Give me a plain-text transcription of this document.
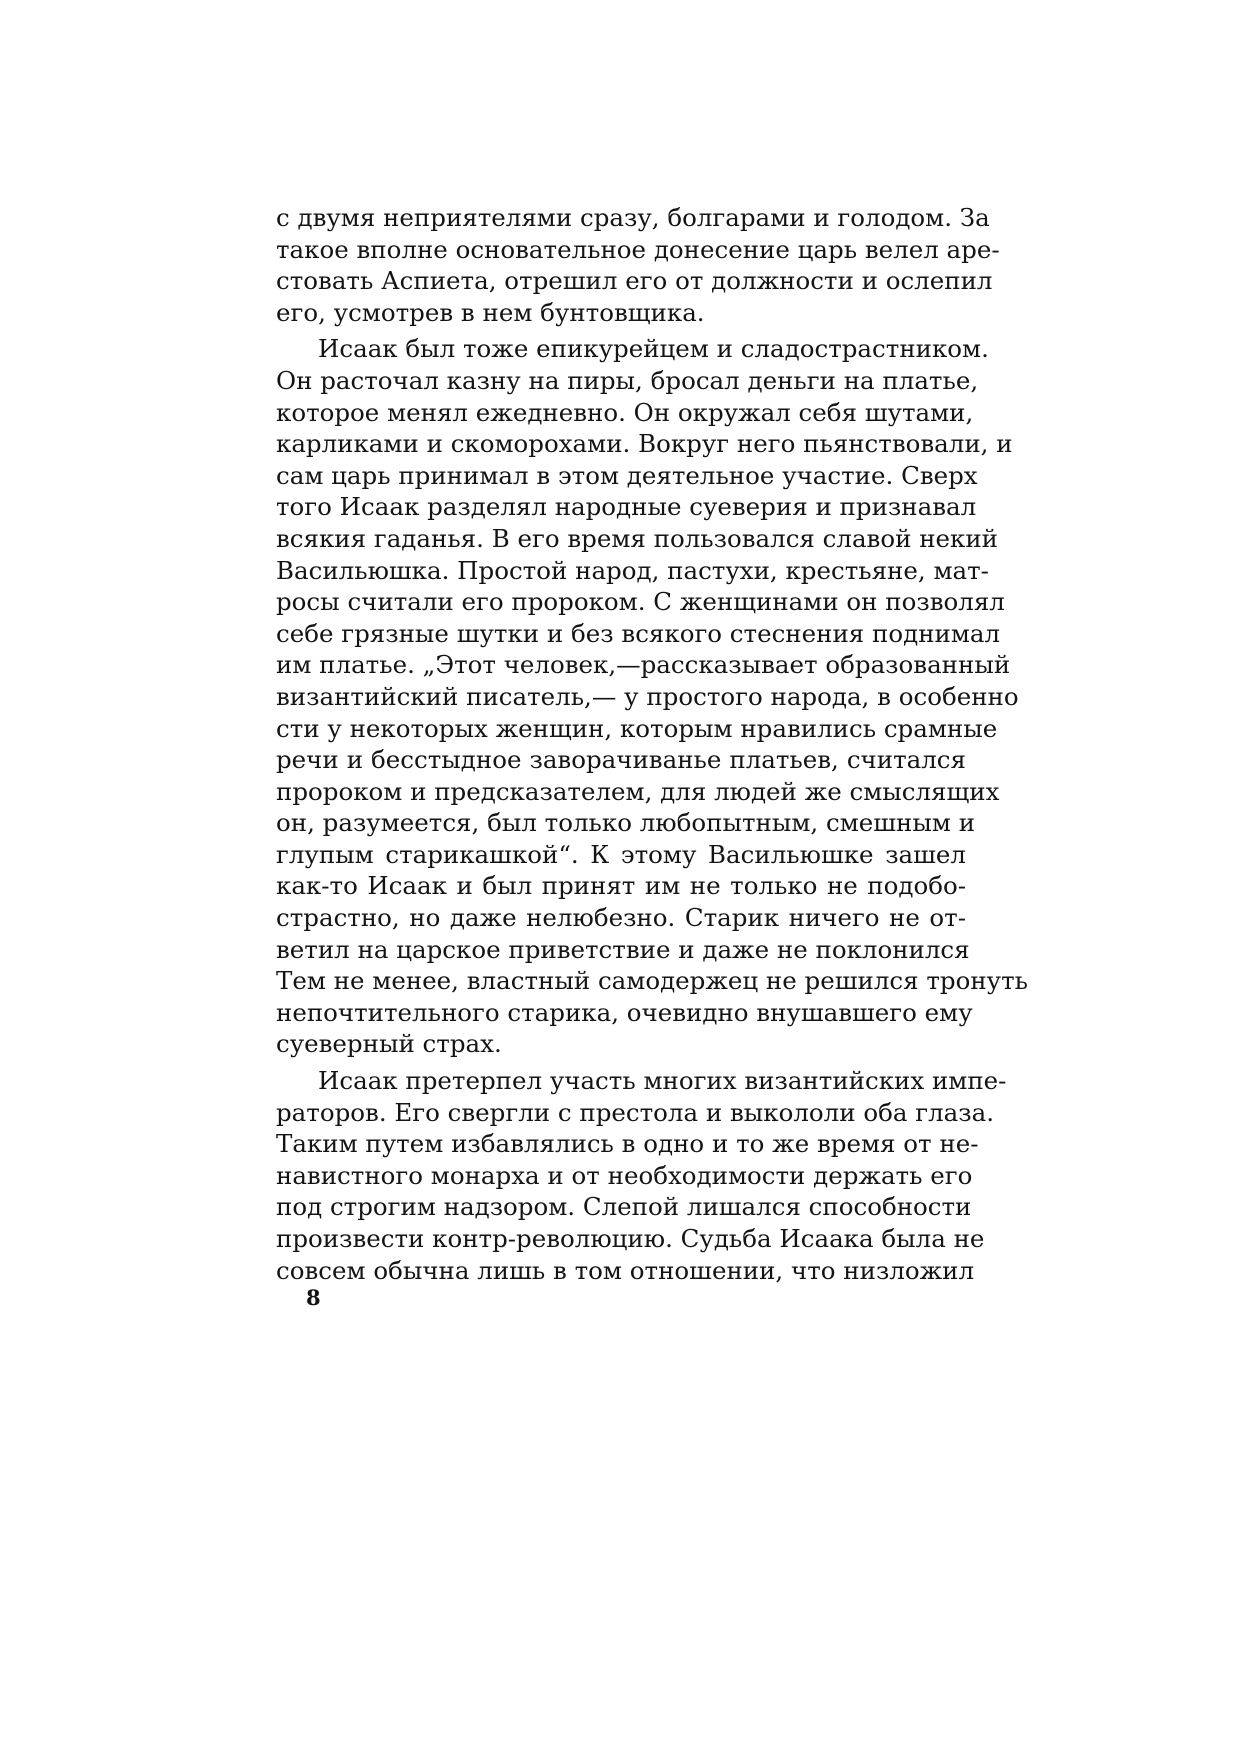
с двумя неприятелями сразу, болгарами и голодом. За
такое вполне основательное донесение царь велел аре-
стовать Аспиета, отрешил его от должности и ослепил
его, усмотрев в нем бунтовщика.
Исаак был тоже епикурейцем и сладострастником.
Он расточал казну на пиры, бросал деньги на платье,
которое менял ежедневно. Он окружал себя шутами,
карликами и скоморохами. Вокруг него пьянствовали, и
сам царь принимал в этом деятельное участие. Сверх
того Исаак разделял народные суеверия и признавал
всякия гаданья. В его время пользовался славой некий
Васильюшка. Простой народ, пастухи, крестьяне, мат-
росы считали его пророком. С женщинами он позволял
себе грязные шутки и без всякого стеснения поднимал
им платье. „Этот человек,—рассказывает образованный
византийский писатель,— у простого народа, в особенно
сти у некоторых женщин, которым нравились срамные
речи и бесстыдное заворачиванье платьев, считался
пророком и предсказателем, для людей же смыслящих
он, разумеется, был только любопытным, смешным и
глупым старикашкой“. К этому Васильюшке зашел
как-то Исаак и был принят им не только не подобо-
страстно, но даже нелюбезно. Старик ничего не от-
ветил на царское приветствие и даже не поклонился
Тем не менее, властный самодержец не решился тронуть
непочтительного старика, очевидно внушавшего ему
суеверный страх.
Исаак претерпел участь многих византийских импе-
раторов. Его свергли с престола и выкололи оба глаза.
Таким путем избавлялись в одно и то же время от не-
навистного монарха и от необходимости держать его
под строгим надзором. Слепой лишался способности
произвести контр-революцию. Судьба Исаака была не
совсем обычна лишь в том отношении, что низложил
8
